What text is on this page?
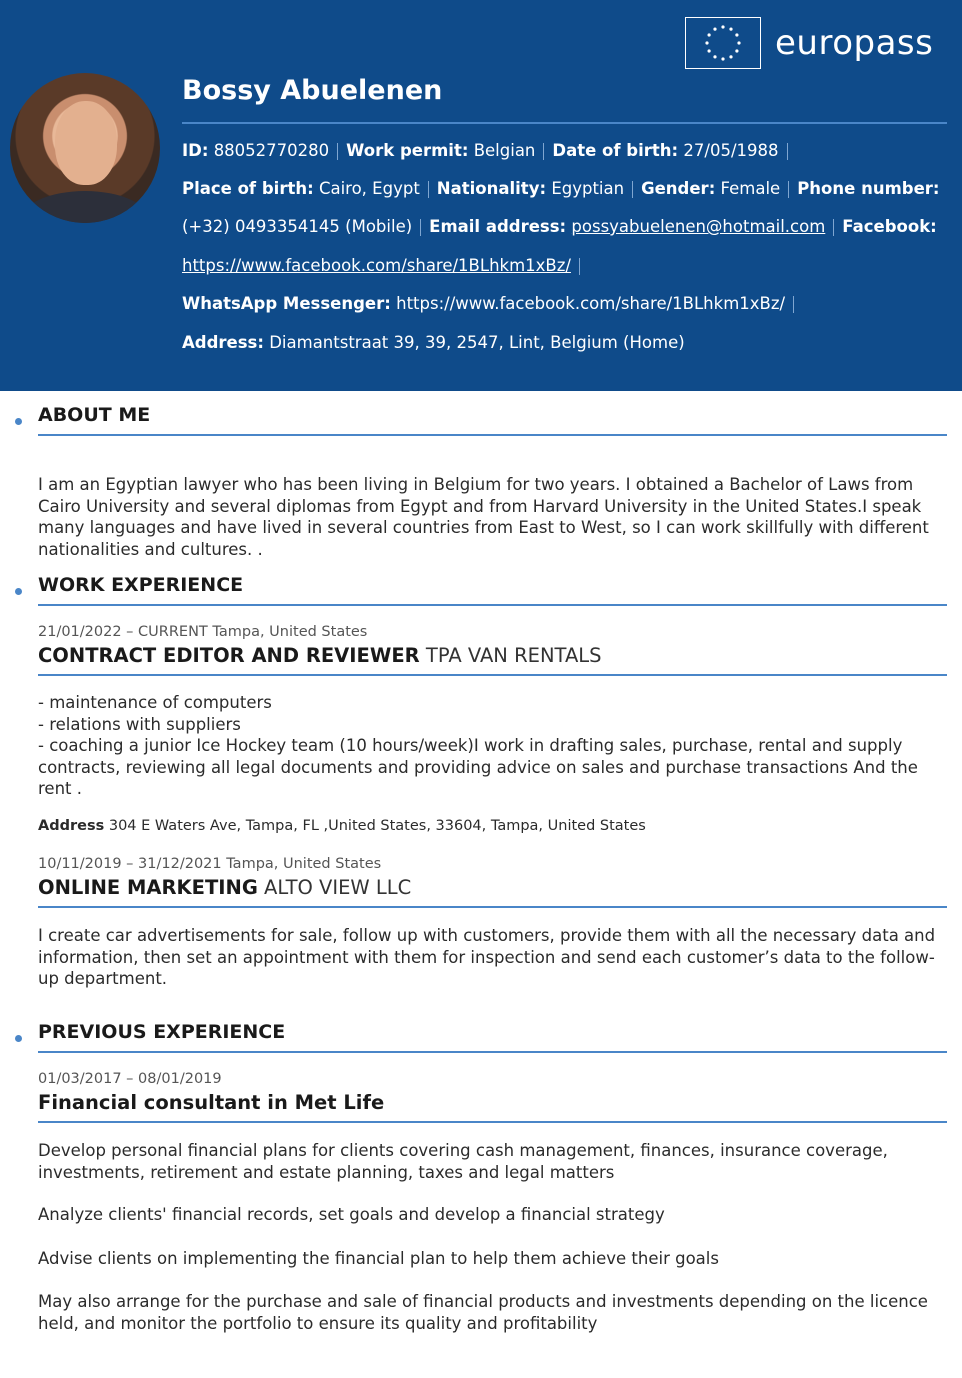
europass
Bossy Abuelenen
ID: 88052770280 Work permit: Belgian Date of birth: 27/05/1988
Place of birth: Cairo, Egypt Nationality: Egyptian Gender: Female Phone number:
(+32) 0493354145 (Mobile) Email address: possyabuelenen@hotmail.com Facebook:
https://www.facebook.com/share/1BLhkm1xBz/
WhatsApp Messenger: https://www.facebook.com/share/1BLhkm1xBz/
Address: Diamantstraat 39, 39, 2547, Lint, Belgium (Home)
ABOUT ME
I am an Egyptian lawyer who has been living in Belgium for two years. I obtained a Bachelor of Laws from Cairo University and several diplomas from Egypt and from Harvard University in the United States.I speak many languages and have lived in several countries from East to West, so I can work skillfully with different nationalities and cultures. .
WORK EXPERIENCE
21/01/2022 – CURRENT Tampa, United States
CONTRACT EDITOR AND REVIEWER TPA VAN RENTALS
- maintenance of computers
- relations with suppliers
- coaching a junior Ice Hockey team (10 hours/week)I work in drafting sales, purchase, rental and supply contracts, reviewing all legal documents and providing advice on sales and purchase transactions And the rent .
Address 304 E Waters Ave, Tampa, FL ,United States, 33604, Tampa, United States
10/11/2019 – 31/12/2021 Tampa, United States
ONLINE MARKETING ALTO VIEW LLC
I create car advertisements for sale, follow up with customers, provide them with all the necessary data and information, then set an appointment with them for inspection and send each customer’s data to the follow-up department.
PREVIOUS EXPERIENCE
01/03/2017 – 08/01/2019
Financial consultant in Met Life
Develop personal financial plans for clients covering cash management, finances, insurance coverage, investments, retirement and estate planning, taxes and legal matters
Analyze clients' financial records, set goals and develop a financial strategy
Advise clients on implementing the financial plan to help them achieve their goals
May also arrange for the purchase and sale of financial products and investments depending on the licence held, and monitor the portfolio to ensure its quality and profitability
